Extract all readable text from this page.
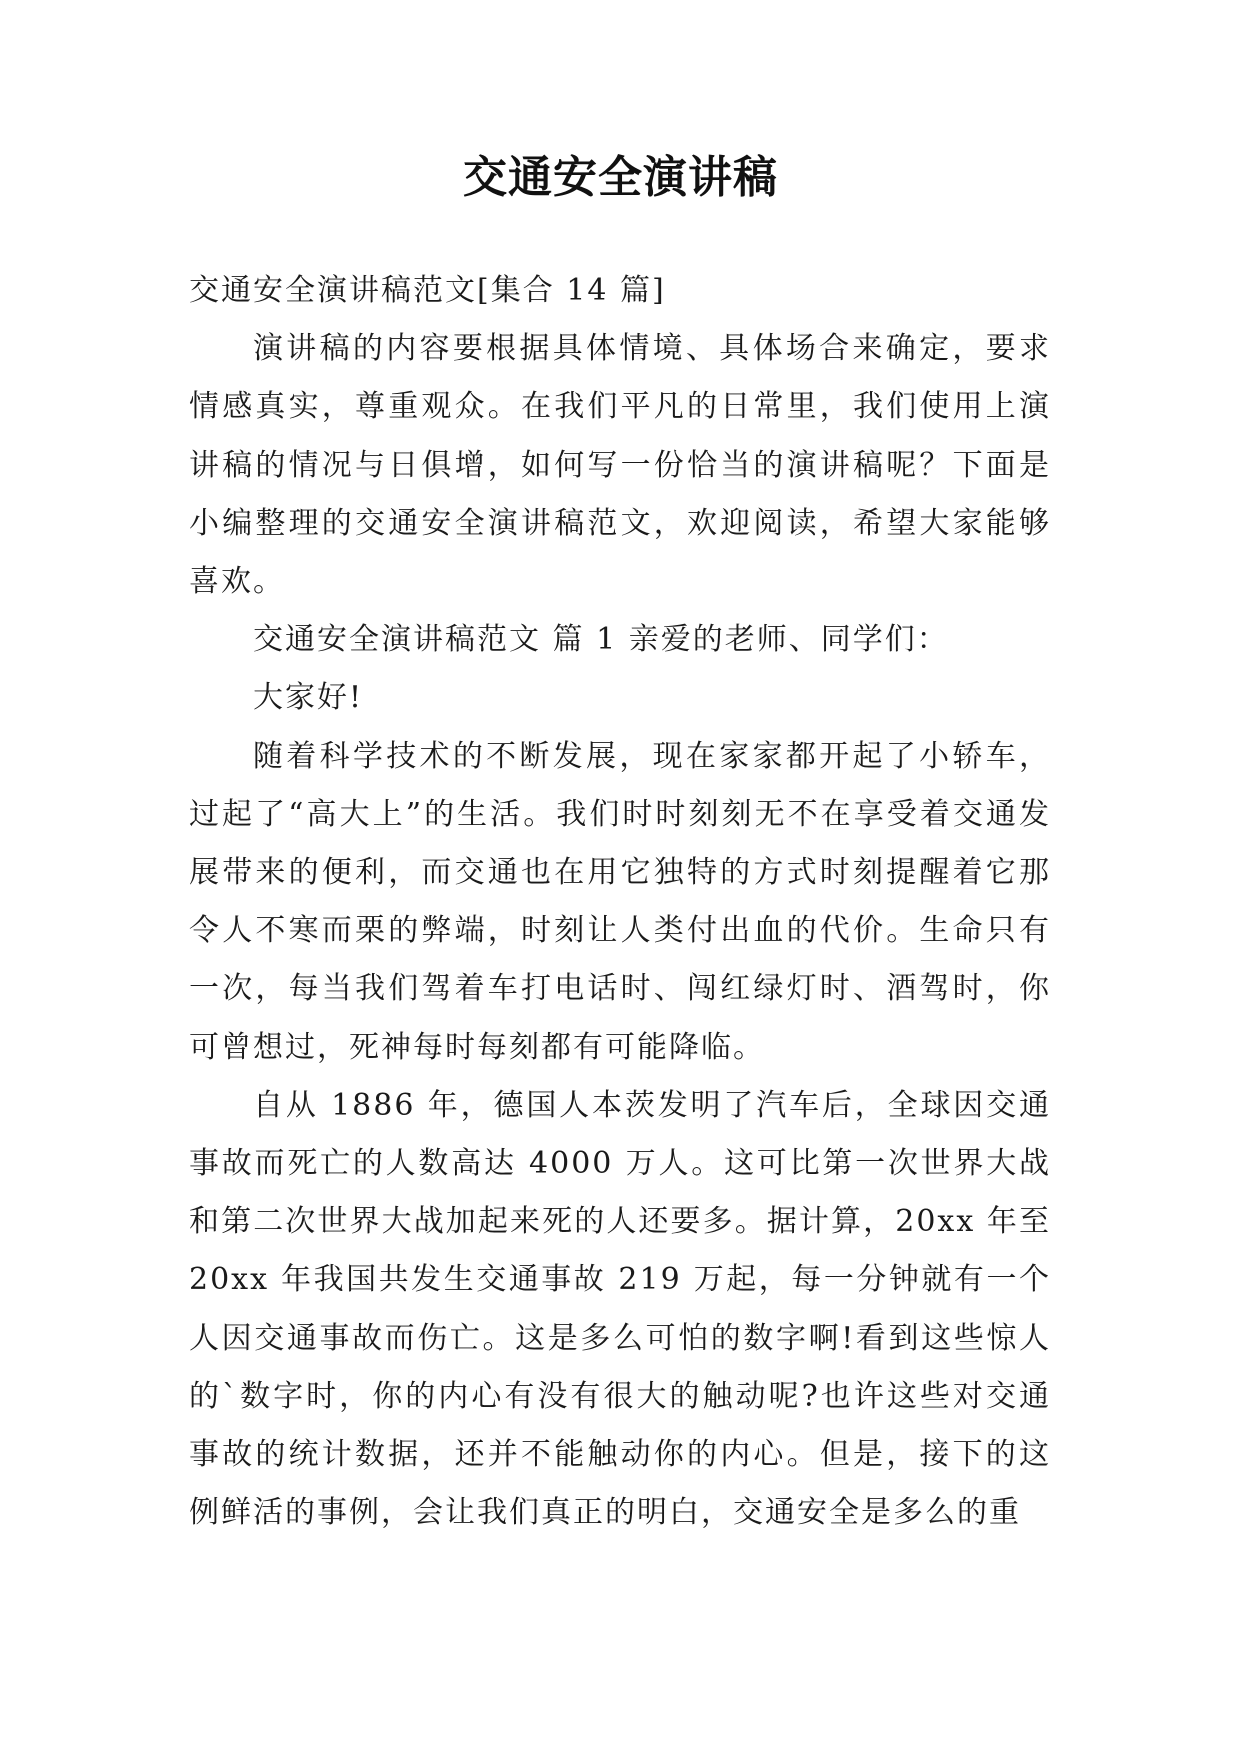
交通安全演讲稿

交通安全演讲稿范文[集合 14 篇]

演讲稿的内容要根据具体情境、具体场合来确定，要求情感真实，尊重观众。在我们平凡的日常里，我们使用上演讲稿的情况与日俱增，如何写一份恰当的演讲稿呢？下面是小编整理的交通安全演讲稿范文，欢迎阅读，希望大家能够喜欢。

交通安全演讲稿范文 篇 1 亲爱的老师、同学们：

大家好!

随着科学技术的不断发展，现在家家都开起了小轿车，过起了“高大上”的生活。我们时时刻刻无不在享受着交通发展带来的便利，而交通也在用它独特的方式时刻提醒着它那令人不寒而栗的弊端，时刻让人类付出血的代价。生命只有一次，每当我们驾着车打电话时、闯红绿灯时、酒驾时，你可曾想过，死神每时每刻都有可能降临。

自从 1886 年，德国人本茨发明了汽车后，全球因交通事故而死亡的人数高达 4000 万人。这可比第一次世界大战和第二次世界大战加起来死的人还要多。据计算，20xx 年至 20xx 年我国共发生交通事故 219 万起，每一分钟就有一个人因交通事故而伤亡。这是多么可怕的数字啊!看到这些惊人的`数字时，你的内心有没有很大的触动呢?也许这些对交通事故的统计数据，还并不能触动你的内心。但是，接下的这例鲜活的事例，会让我们真正的明白，交通安全是多么的重
